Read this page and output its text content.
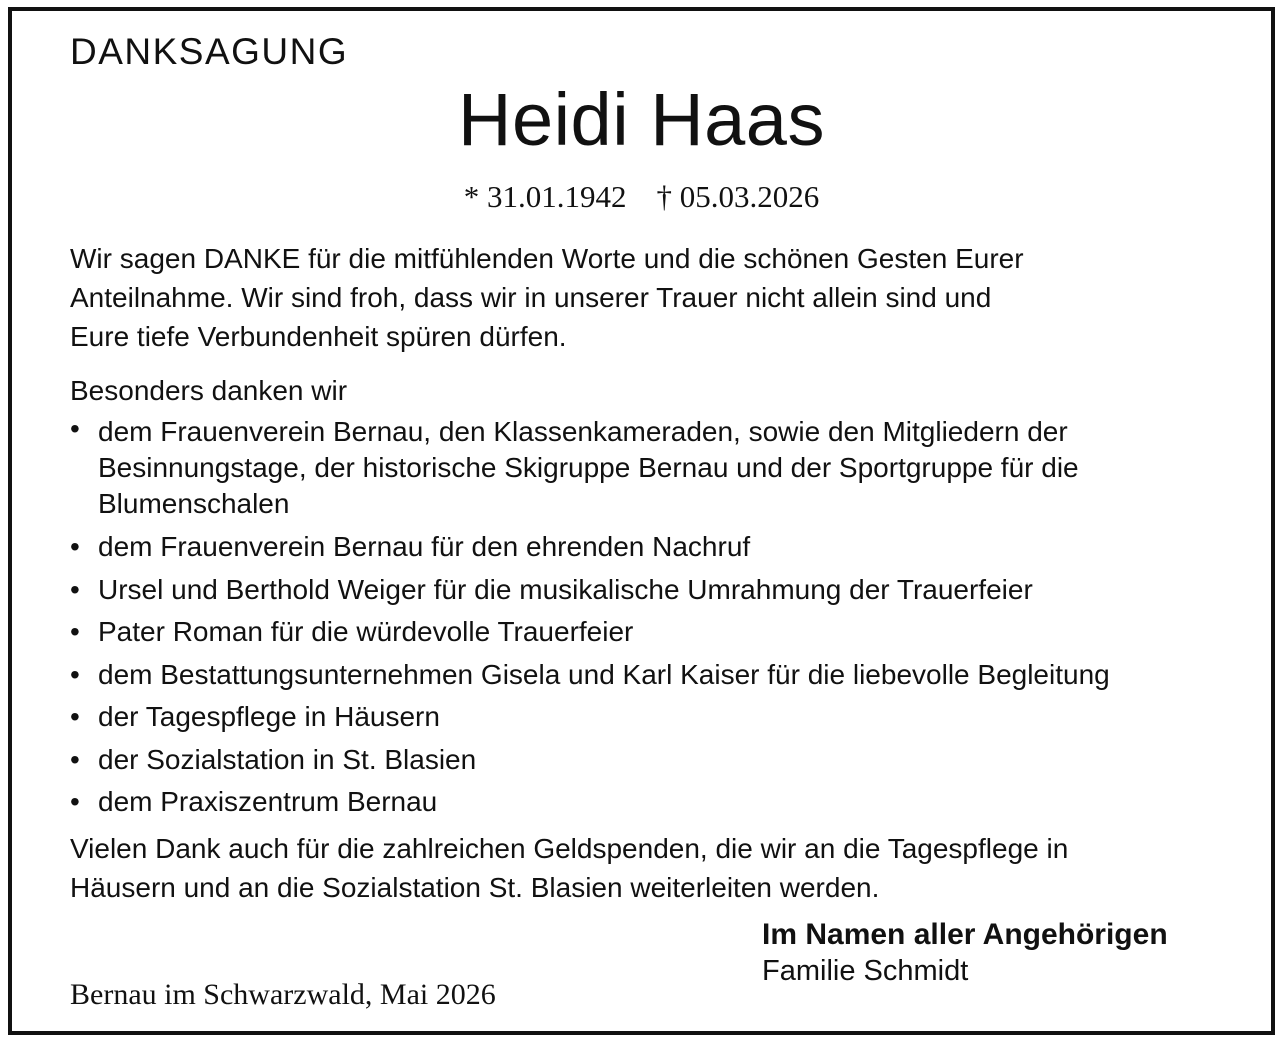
DANKSAGUNG
Heidi Haas
* 31.01.1942 † 05.03.2026
Wir sagen DANKE für die mitfühlenden Worte und die schönen Gesten Eurer
Anteilnahme. Wir sind froh, dass wir in unserer Trauer nicht allein sind und
Eure tiefe Verbundenheit spüren dürfen.
Besonders danken wir
• dem Frauenverein Bernau, den Klassenkameraden, sowie den Mitgliedern der
Besinnungstage, der historische Skigruppe Bernau und der Sportgruppe für die
Blumenschalen
• dem Frauenverein Bernau für den ehrenden Nachruf
• Ursel und Berthold Weiger für die musikalische Umrahmung der Trauerfeier
• Pater Roman für die würdevolle Trauerfeier
• dem Bestattungsunternehmen Gisela und Karl Kaiser für die liebevolle Begleitung
• der Tagespflege in Häusern
• der Sozialstation in St. Blasien
• dem Praxiszentrum Bernau
Vielen Dank auch für die zahlreichen Geldspenden, die wir an die Tagespflege in
Häusern und an die Sozialstation St. Blasien weiterleiten werden.
Im Namen aller Angehörigen
Familie Schmidt
Bernau im Schwarzwald, Mai 2026
